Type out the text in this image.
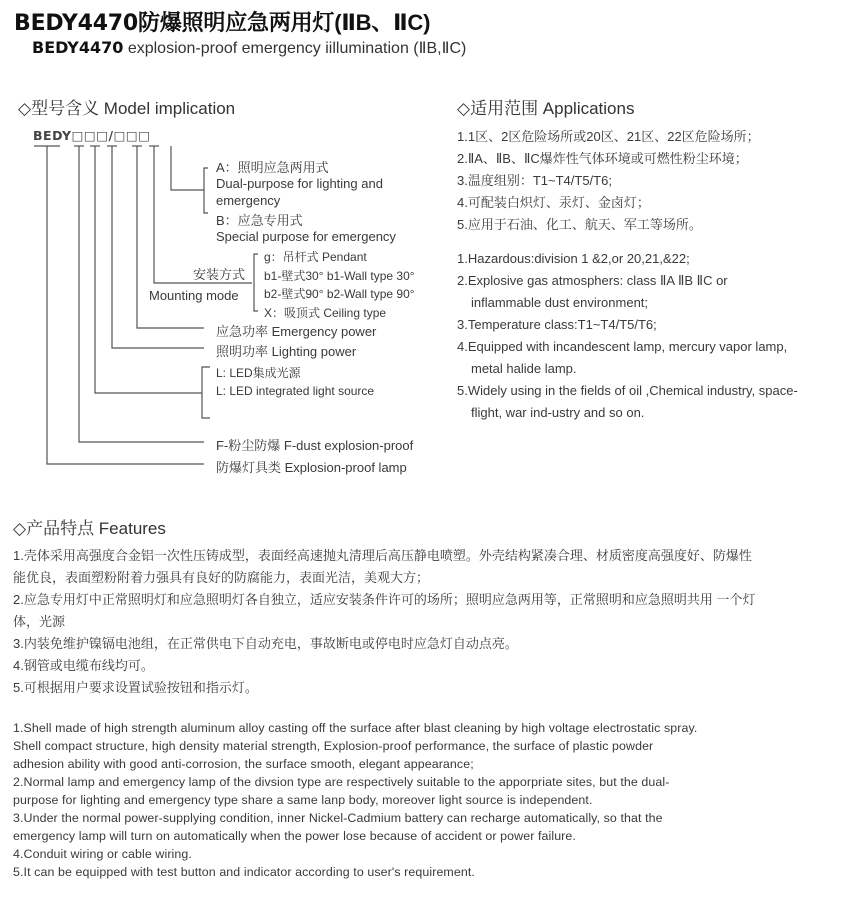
BEDY4470防爆照明应急两用灯(ⅡB、ⅡC)
BEDY4470 explosion-proof emergency iillumination (ⅡB,ⅡC)
◇型号含义 Model implication
BEDY□□□/□□□
A：照明应急两用式
Dual-purpose for lighting and
emergency
B：应急专用式
Special purpose for emergency
安装方式
Mounting mode
g：吊杆式 Pendant
b1-壁式30° b1-Wall type 30°
b2-壁式90° b2-Wall type 90°
X：吸顶式 Ceiling type
应急功率 Emergency power
照明功率 Lighting power
L: LED集成光源
L: LED integrated light source
F-粉尘防爆 F-dust explosion-proof
防爆灯具类 Explosion-proof lamp
◇适用范围 Applications
1.1区、2区危险场所或20区、21区、22区危险场所；
2.ⅡA、ⅡB、ⅡC爆炸性气体环境或可燃性粉尘环境；
3.温度组别：T1~T4/T5/T6;
4.可配装白炽灯、汞灯、金卤灯；
5.应用于石油、化工、航天、军工等场所。
1.Hazardous:division 1 &2,or 20,21,&22;
2.Explosive gas atmosphers: class ⅡA ⅡB ⅡC or
inflammable dust environment;
3.Temperature class:T1~T4/T5/T6;
4.Equipped with incandescent lamp, mercury vapor lamp,
metal halide lamp.
5.Widely using in the fields of oil ,Chemical industry, space-
flight, war ind-ustry and so on.
◇产品特点 Features
1.壳体采用高强度合金铝一次性压铸成型，表面经高速抛丸清理后高压静电喷塑。外壳结构紧凑合理、材质密度高强度好、防爆性
能优良，表面塑粉附着力强具有良好的防腐能力，表面光洁，美观大方；
2.应急专用灯中正常照明灯和应急照明灯各自独立，适应安装条件许可的场所；照明应急两用等，正常照明和应急照明共用 一个灯
体，光源
3.内装免维护镍镉电池组，在正常供电下自动充电，事故断电或停电时应急灯自动点亮。
4.钢管或电缆布线均可。
5.可根据用户要求设置试验按钮和指示灯。
1.Shell made of high strength aluminum alloy casting off the surface after blast cleaning by high voltage electrostatic spray.
Shell compact structure, high density material strength, Explosion-proof performance, the surface of plastic powder
adhesion ability with good anti-corrosion, the surface smooth, elegant appearance;
2.Normal lamp and emergency lamp of the divsion type are respectively suitable to the apporpriate sites, but the dual-
purpose for lighting and emergency type share a same lanp body, moreover light source is independent.
3.Under the normal power-supplying condition, inner Nickel-Cadmium battery can recharge automatically, so that the
emergency lamp will turn on automatically when the power lose because of accident or power failure.
4.Conduit wiring or cable wiring.
5.It can be equipped with test button and indicator according to user's requirement.
